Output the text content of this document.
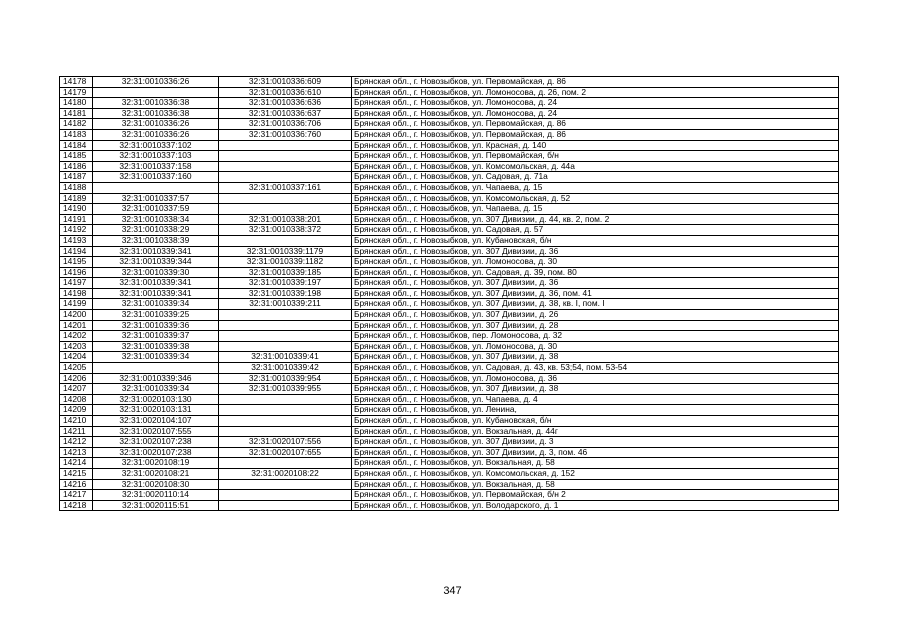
14178	32:31:0010336:26	32:31:0010336:609	Брянская обл., г. Новозыбков, ул. Первомайская, д. 86
14179		32:31:0010336:610	Брянская обл., г. Новозыбков, ул. Ломоносова, д. 26, пом. 2
14180	32:31:0010336:38	32:31:0010336:636	Брянская обл., г. Новозыбков, ул. Ломоносова, д. 24
14181	32:31:0010336:38	32:31:0010336:637	Брянская обл., г. Новозыбков, ул. Ломоносова, д. 24
14182	32:31:0010336:26	32:31:0010336:706	Брянская обл., г. Новозыбков, ул. Первомайская, д. 86
14183	32:31:0010336:26	32:31:0010336:760	Брянская обл., г. Новозыбков, ул. Первомайская, д. 86
14184	32:31:0010337:102		Брянская обл., г. Новозыбков, ул. Красная, д. 140
14185	32:31:0010337:103		Брянская обл., г. Новозыбков, ул. Первомайская, б/н
14186	32:31:0010337:158		Брянская обл., г. Новозыбков, ул. Комсомольская, д. 44а
14187	32:31:0010337:160		Брянская обл., г. Новозыбков, ул. Садовая, д. 71а
14188		32:31:0010337:161	Брянская обл., г. Новозыбков, ул. Чапаева, д. 15
14189	32:31:0010337:57		Брянская обл., г. Новозыбков, ул. Комсомольская, д. 52
14190	32:31:0010337:59		Брянская обл., г. Новозыбков, ул. Чапаева, д. 15
14191	32:31:0010338:34	32:31:0010338:201	Брянская обл., г. Новозыбков, ул. 307 Дивизии, д. 44, кв. 2, пом. 2
14192	32:31:0010338:29	32:31:0010338:372	Брянская обл., г. Новозыбков, ул. Садовая, д. 57
14193	32:31:0010338:39		Брянская обл., г. Новозыбков, ул. Кубановская, б/н
14194	32:31:0010339:341	32:31:0010339:1179	Брянская обл., г. Новозыбков, ул. 307 Дивизии, д. 36
14195	32:31:0010339:344	32:31:0010339:1182	Брянская обл., г. Новозыбков, ул. Ломоносова, д. 30
14196	32:31:0010339:30	32:31:0010339:185	Брянская обл., г. Новозыбков, ул. Садовая, д. 39, пом. 80
14197	32:31:0010339:341	32:31:0010339:197	Брянская обл., г. Новозыбков, ул. 307 Дивизии, д. 36
14198	32:31:0010339:341	32:31:0010339:198	Брянская обл., г. Новозыбков, ул. 307 Дивизии, д. 36, пом. 41
14199	32:31:0010339:34	32:31:0010339:211	Брянская обл., г. Новозыбков, ул. 307 Дивизии, д. 38, кв. I, пом. I
14200	32:31:0010339:25		Брянская обл., г. Новозыбков, ул. 307 Дивизии, д. 26
14201	32:31:0010339:36		Брянская обл., г. Новозыбков, ул. 307 Дивизии, д. 28
14202	32:31:0010339:37		Брянская обл., г. Новозыбков, пер. Ломоносова, д. 32
14203	32:31:0010339:38		Брянская обл., г. Новозыбков, ул. Ломоносова, д. 30
14204	32:31:0010339:34	32:31:0010339:41	Брянская обл., г. Новозыбков, ул. 307 Дивизии, д. 38
14205		32:31:0010339:42	Брянская обл., г. Новозыбков, ул. Садовая, д. 43, кв. 53;54, пом. 53-54
14206	32:31:0010339:346	32:31:0010339:954	Брянская обл., г. Новозыбков, ул. Ломоносова, д. 36
14207	32:31:0010339:34	32:31:0010339:955	Брянская обл., г. Новозыбков, ул. 307 Дивизии, д. 38
14208	32:31:0020103:130		Брянская обл., г. Новозыбков, ул. Чапаева, д. 4
14209	32:31:0020103:131		Брянская обл., г. Новозыбков, ул. Ленина,
14210	32:31:0020104:107		Брянская обл., г. Новозыбков, ул. Кубановская, б/н
14211	32:31:0020107:555		Брянская обл., г. Новозыбков, ул. Вокзальная, д. 44г
14212	32:31:0020107:238	32:31:0020107:556	Брянская обл., г. Новозыбков, ул. 307 Дивизии, д. 3
14213	32:31:0020107:238	32:31:0020107:655	Брянская обл., г. Новозыбков, ул. 307 Дивизии, д. 3, пом. 46
14214	32:31:0020108:19		Брянская обл., г. Новозыбков, ул. Вокзальная, д. 58
14215	32:31:0020108:21	32:31:0020108:22	Брянская обл., г. Новозыбков, ул. Комсомольская, д. 152
14216	32:31:0020108:30		Брянская обл., г. Новозыбков, ул. Вокзальная, д. 58
14217	32:31:0020110:14		Брянская обл., г. Новозыбков, ул. Первомайская, б/н 2
14218	32:31:0020115:51		Брянская обл., г. Новозыбков, ул. Володарского, д. 1
347
